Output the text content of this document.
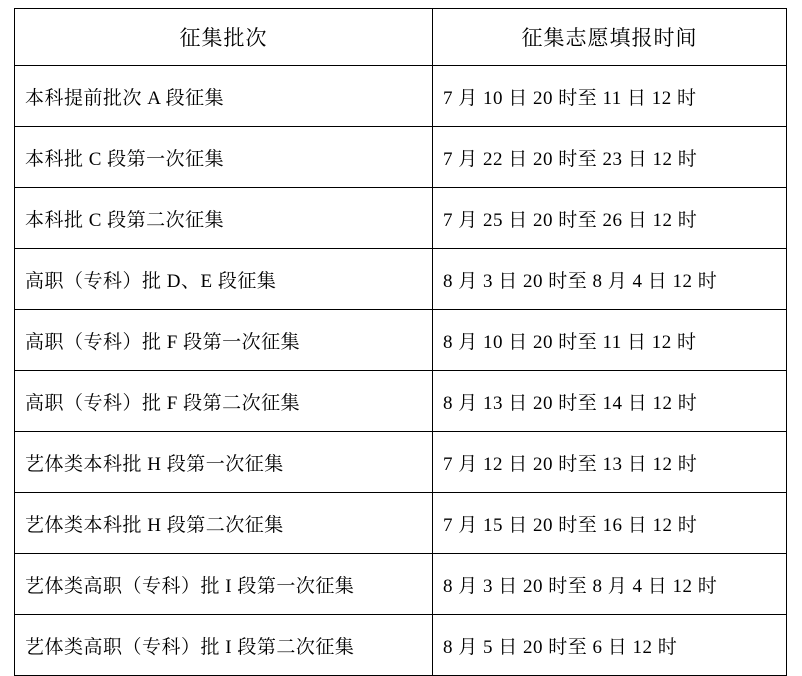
征集批次	征集志愿填报时间

本科提前批次 A 段征集	7 月 10 日 20 时至 11 日 12 时

本科批 C 段第一次征集	7 月 22 日 20 时至 23 日 12 时

本科批 C 段第二次征集	7 月 25 日 20 时至 26 日 12 时

高职（专科）批 D、E 段征集	8 月 3 日 20 时至 8 月 4 日 12 时

高职（专科）批 F 段第一次征集	8 月 10 日 20 时至 11 日 12 时

高职（专科）批 F 段第二次征集	8 月 13 日 20 时至 14 日 12 时

艺体类本科批 H 段第一次征集	7 月 12 日 20 时至 13 日 12 时

艺体类本科批 H 段第二次征集	7 月 15 日 20 时至 16 日 12 时

艺体类高职（专科）批 I 段第一次征集	8 月 3 日 20 时至 8 月 4 日 12 时

艺体类高职（专科）批 I 段第二次征集	8 月 5 日 20 时至 6 日 12 时
